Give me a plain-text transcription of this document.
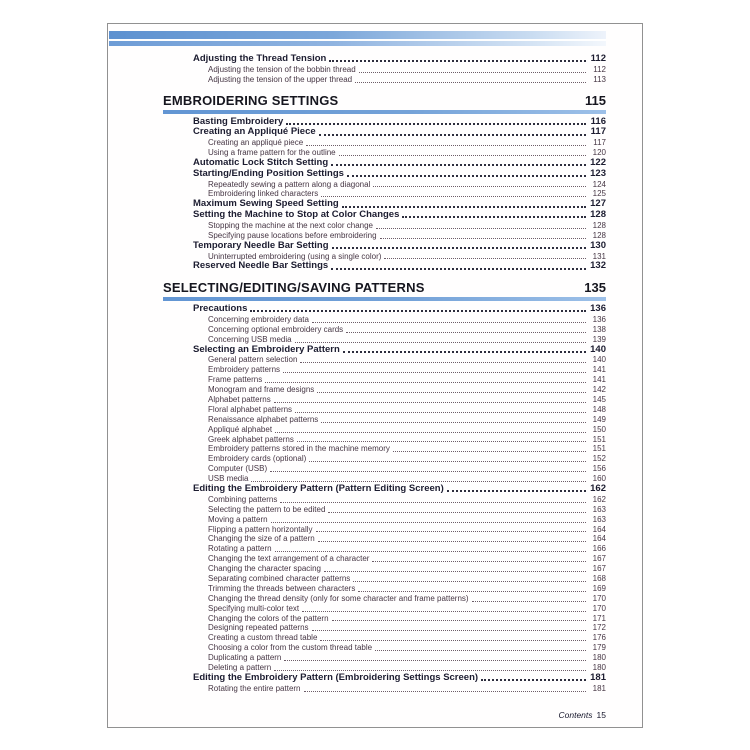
Adjusting the Thread Tension	112
Adjusting the tension of the bobbin thread	112
Adjusting the tension of the upper thread	113
EMBROIDERING SETTINGS	115
Basting Embroidery	116
Creating an Appliqué Piece	117
Creating an appliqué piece	117
Using a frame pattern for the outline	120
Automatic Lock Stitch Setting	122
Starting/Ending Position Settings	123
Repeatedly sewing a pattern along a diagonal	124
Embroidering linked characters	125
Maximum Sewing Speed Setting	127
Setting the Machine to Stop at Color Changes	128
Stopping the machine at the next color change	128
Specifying pause locations before embroidering	128
Temporary Needle Bar Setting	130
Uninterrupted embroidering (using a single color)	131
Reserved Needle Bar Settings	132
SELECTING/EDITING/SAVING PATTERNS	135
Precautions	136
Concerning embroidery data	136
Concerning optional embroidery cards	138
Concerning USB media	139
Selecting an Embroidery Pattern	140
General pattern selection	140
Embroidery patterns	141
Frame patterns	141
Monogram and frame designs	142
Alphabet patterns	145
Floral alphabet patterns	148
Renaissance alphabet patterns	149
Appliqué alphabet	150
Greek alphabet patterns	151
Embroidery patterns stored in the machine memory	151
Embroidery cards (optional)	152
Computer (USB)	156
USB media	160
Editing the Embroidery Pattern (Pattern Editing Screen)	162
Combining patterns	162
Selecting the pattern to be edited	163
Moving a pattern	163
Flipping a pattern horizontally	164
Changing the size of a pattern	164
Rotating a pattern	166
Changing the text arrangement of a character	167
Changing the character spacing	167
Separating combined character patterns	168
Trimming the threads between characters	169
Changing the thread density (only for some character and frame patterns)	170
Specifying multi-color text	170
Changing the colors of the pattern	171
Designing repeated patterns	172
Creating a custom thread table	176
Choosing a color from the custom thread table	179
Duplicating a pattern	180
Deleting a pattern	180
Editing the Embroidery Pattern (Embroidering Settings Screen)	181
Rotating the entire pattern	181
Contents 15
